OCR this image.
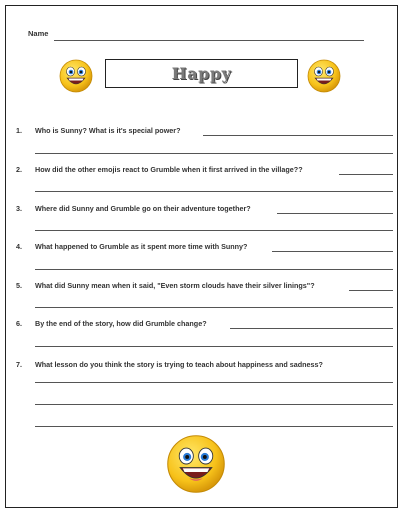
Name
Happy
1. Who is Sunny? What is it's special power?
2. How did the other emojis react to Grumble when it first arrived in the village??
3. Where did Sunny and Grumble go on their adventure together?
4. What happened to Grumble as it spent more time with Sunny?
5. What did Sunny mean when it said, "Even storm clouds have their silver linings"?
6. By the end of the story, how did Grumble change?
7. What lesson do you think the story is trying to teach about happiness and sadness?
